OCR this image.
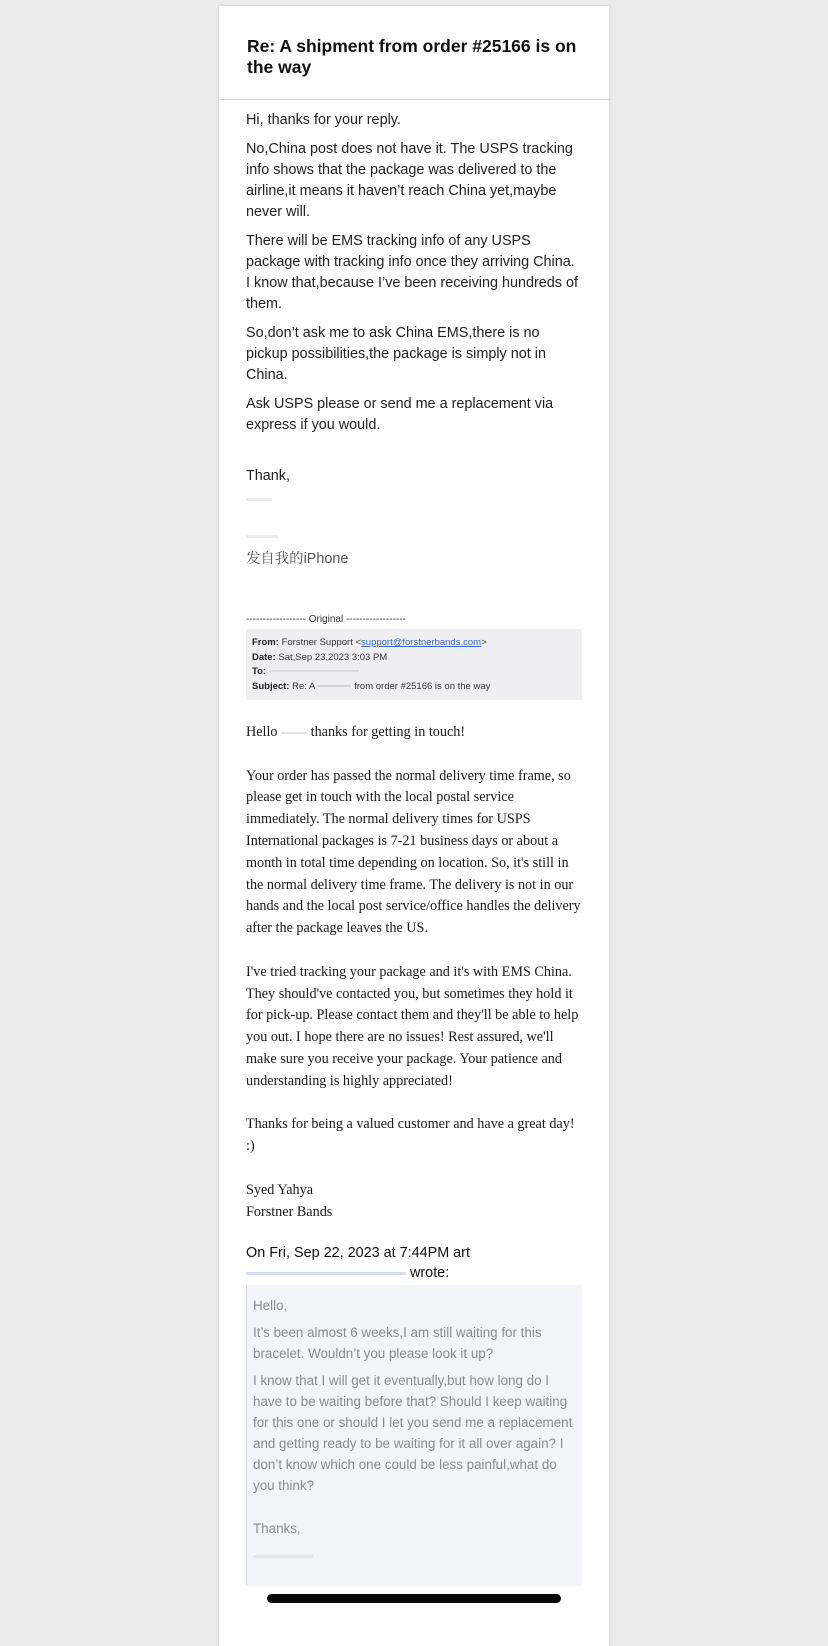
Re: A shipment from order #25166 is on the way

Hi, thanks for your reply.

No,China post does not have it. The USPS tracking info shows that the package was delivered to the airline,it means it haven’t reach China yet,maybe never will.

There will be EMS tracking info of any USPS package with tracking info once they arriving China. I know that,because I’ve been receiving hundreds of them.

So,don’t ask me to ask China EMS,there is no pickup possibilities,the package is simply not in China.

Ask USPS please or send me a replacement via express if you would.

Thank,

发自我的iPhone
------------------ Original ------------------
From: Forstner Support <support@forstnerbands.com>
Date: Sat,Sep 23,2023 3:03 PM
To:
Subject: Re: A	from order #25166 is on the way

Hello thanks for getting in touch!

Your order has passed the normal delivery time frame, so please get in touch with the local postal service immediately. The normal delivery times for USPS International packages is 7-21 business days or about a month in total time depending on location. So, it's still in the normal delivery time frame. The delivery is not in our hands and the local post service/office handles the delivery after the package leaves the US.

I've tried tracking your package and it's with EMS China. They should've contacted you, but sometimes they hold it for pick-up. Please contact them and they'll be able to help you out. I hope there are no issues! Rest assured, we'll make sure you receive your package. Your patience and understanding is highly appreciated!

Thanks for being a valued customer and have a great day! :)

Syed Yahya

Forstner Bands

On Fri, Sep 22, 2023 at 7:44PM art
wrote:

Hello,

It’s been almost 6 weeks,I am still waiting for this bracelet. Wouldn’t you please look it up?

I know that I will get it eventually,but how long do I have to be waiting before that? Should I keep waiting for this one or should I let you send me a replacement and getting ready to be waiting for it all over again? I don’t know which one could be less painful,what do you think?

Thanks,
